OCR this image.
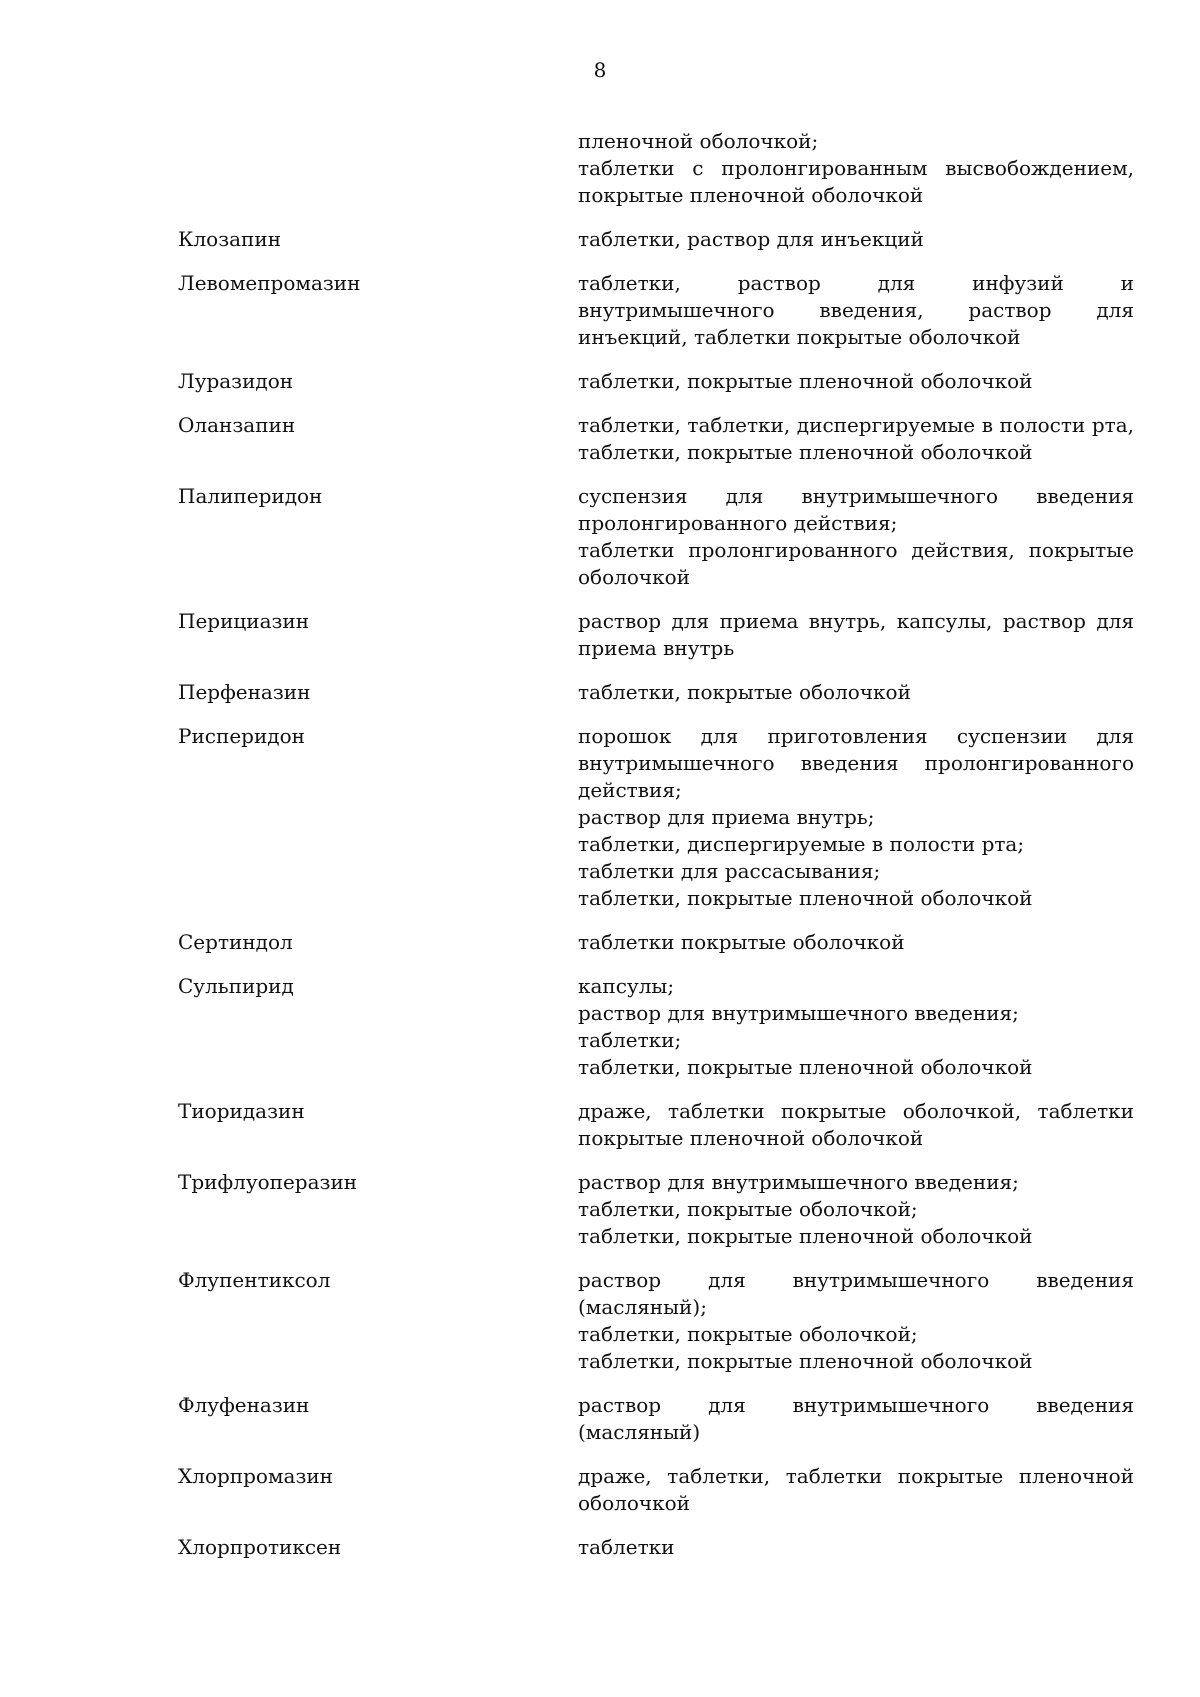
8
пленочной оболочкой;
таблетки с пролонгированным высвобождением, покрытые пленочной оболочкой
Клозапин	таблетки, раствор для инъекций
Левомепромазин	таблетки, раствор для инфузий и внутримышечного введения, раствор для инъекций, таблетки покрытые оболочкой
Луразидон	таблетки, покрытые пленочной оболочкой
Оланзапин	таблетки, таблетки, диспергируемые в полости рта, таблетки, покрытые пленочной оболочкой
Палиперидон	суспензия для внутримышечного введения пролонгированного действия;
таблетки пролонгированного действия, покрытые оболочкой
Перициазин	раствор для приема внутрь, капсулы, раствор для приема внутрь
Перфеназин	таблетки, покрытые оболочкой
Рисперидон	порошок для приготовления суспензии для внутримышечного введения пролонгированного действия;
раствор для приема внутрь;
таблетки, диспергируемые в полости рта;
таблетки для рассасывания;
таблетки, покрытые пленочной оболочкой
Сертиндол	таблетки покрытые оболочкой
Сульпирид	капсулы;
раствор для внутримышечного введения;
таблетки;
таблетки, покрытые пленочной оболочкой
Тиоридазин	драже, таблетки покрытые оболочкой, таблетки покрытые пленочной оболочкой
Трифлуоперазин	раствор для внутримышечного введения;
таблетки, покрытые оболочкой;
таблетки, покрытые пленочной оболочкой
Флупентиксол	раствор для внутримышечного введения (масляный);
таблетки, покрытые оболочкой;
таблетки, покрытые пленочной оболочкой
Флуфеназин	раствор для внутримышечного введения (масляный)
Хлорпромазин	драже, таблетки, таблетки покрытые пленочной оболочкой
Хлорпротиксен	таблетки
